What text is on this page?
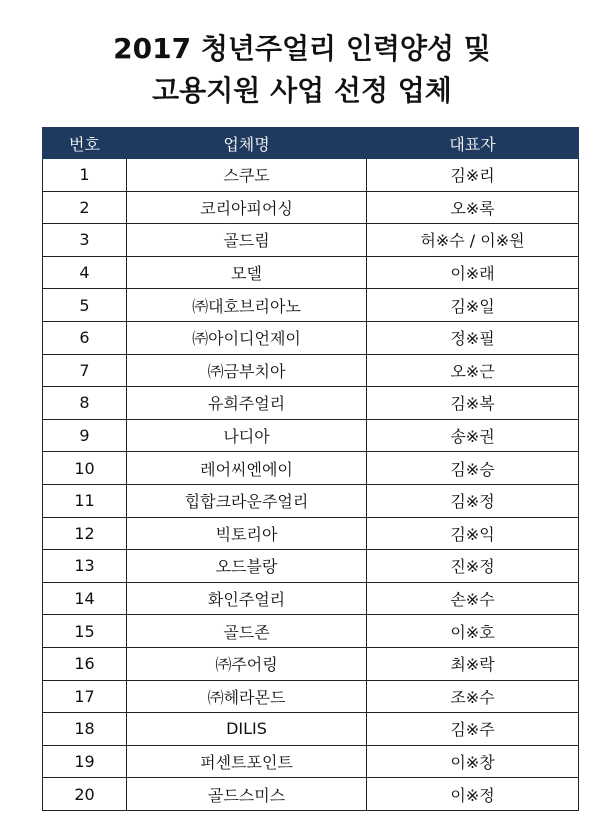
2017 청년주얼리 인력양성 및
고용지원 사업 선정 업체
번호	업체명	대표자
1	스쿠도	김※리
2	코리아피어싱	오※록
3	골드림	허※수 / 이※원
4	모델	이※래
5	㈜대호브리아노	김※일
6	㈜아이디언제이	정※필
7	㈜금부치아	오※근
8	유희주얼리	김※복
9	나디아	송※권
10	레어씨엔에이	김※승
11	힙합크라운주얼리	김※정
12	빅토리아	김※익
13	오드블랑	진※정
14	화인주얼리	손※수
15	골드존	이※호
16	㈜주어링	최※락
17	㈜헤라몬드	조※수
18	DILIS	김※주
19	퍼센트포인트	이※창
20	골드스미스	이※정
